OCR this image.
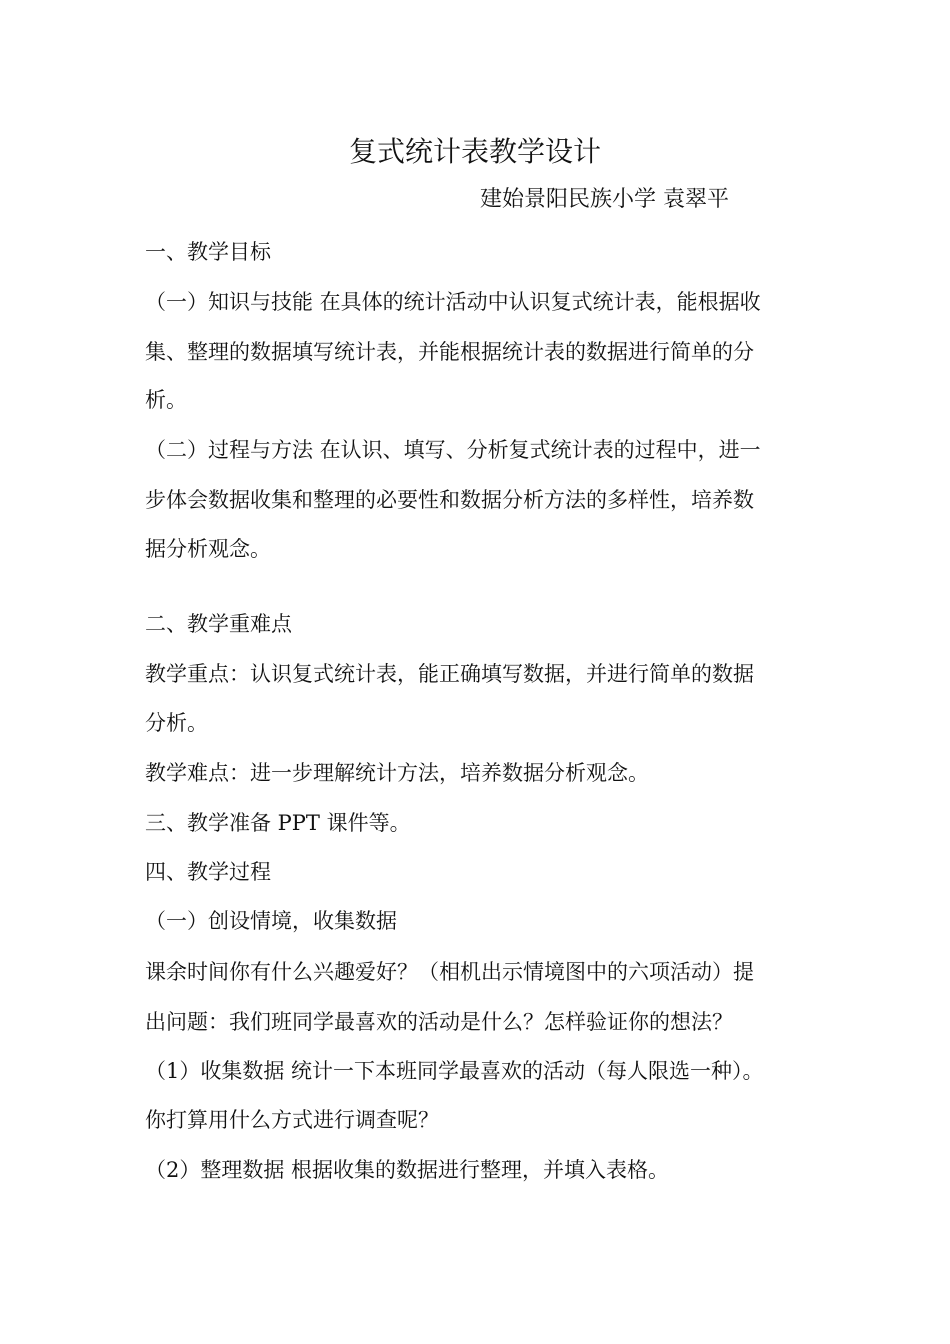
复式统计表教学设计
建始景阳民族小学 袁翠平

一、教学目标

（一）知识与技能 在具体的统计活动中认识复式统计表，能根据收

集、整理的数据填写统计表，并能根据统计表的数据进行简单的分

析。

（二）过程与方法 在认识、填写、分析复式统计表的过程中，进一

步体会数据收集和整理的必要性和数据分析方法的多样性，培养数

据分析观念。

二、教学重难点

教学重点：认识复式统计表，能正确填写数据，并进行简单的数据

分析。

教学难点：进一步理解统计方法，培养数据分析观念。

三、教学准备 PPT 课件等。

四、教学过程

（一）创设情境，收集数据

课余时间你有什么兴趣爱好？（相机出示情境图中的六项活动）提

出问题：我们班同学最喜欢的活动是什么？怎样验证你的想法？

（1）收集数据 统计一下本班同学最喜欢的活动（每人限选一种）。

你打算用什么方式进行调查呢？

（2）整理数据 根据收集的数据进行整理，并填入表格。
